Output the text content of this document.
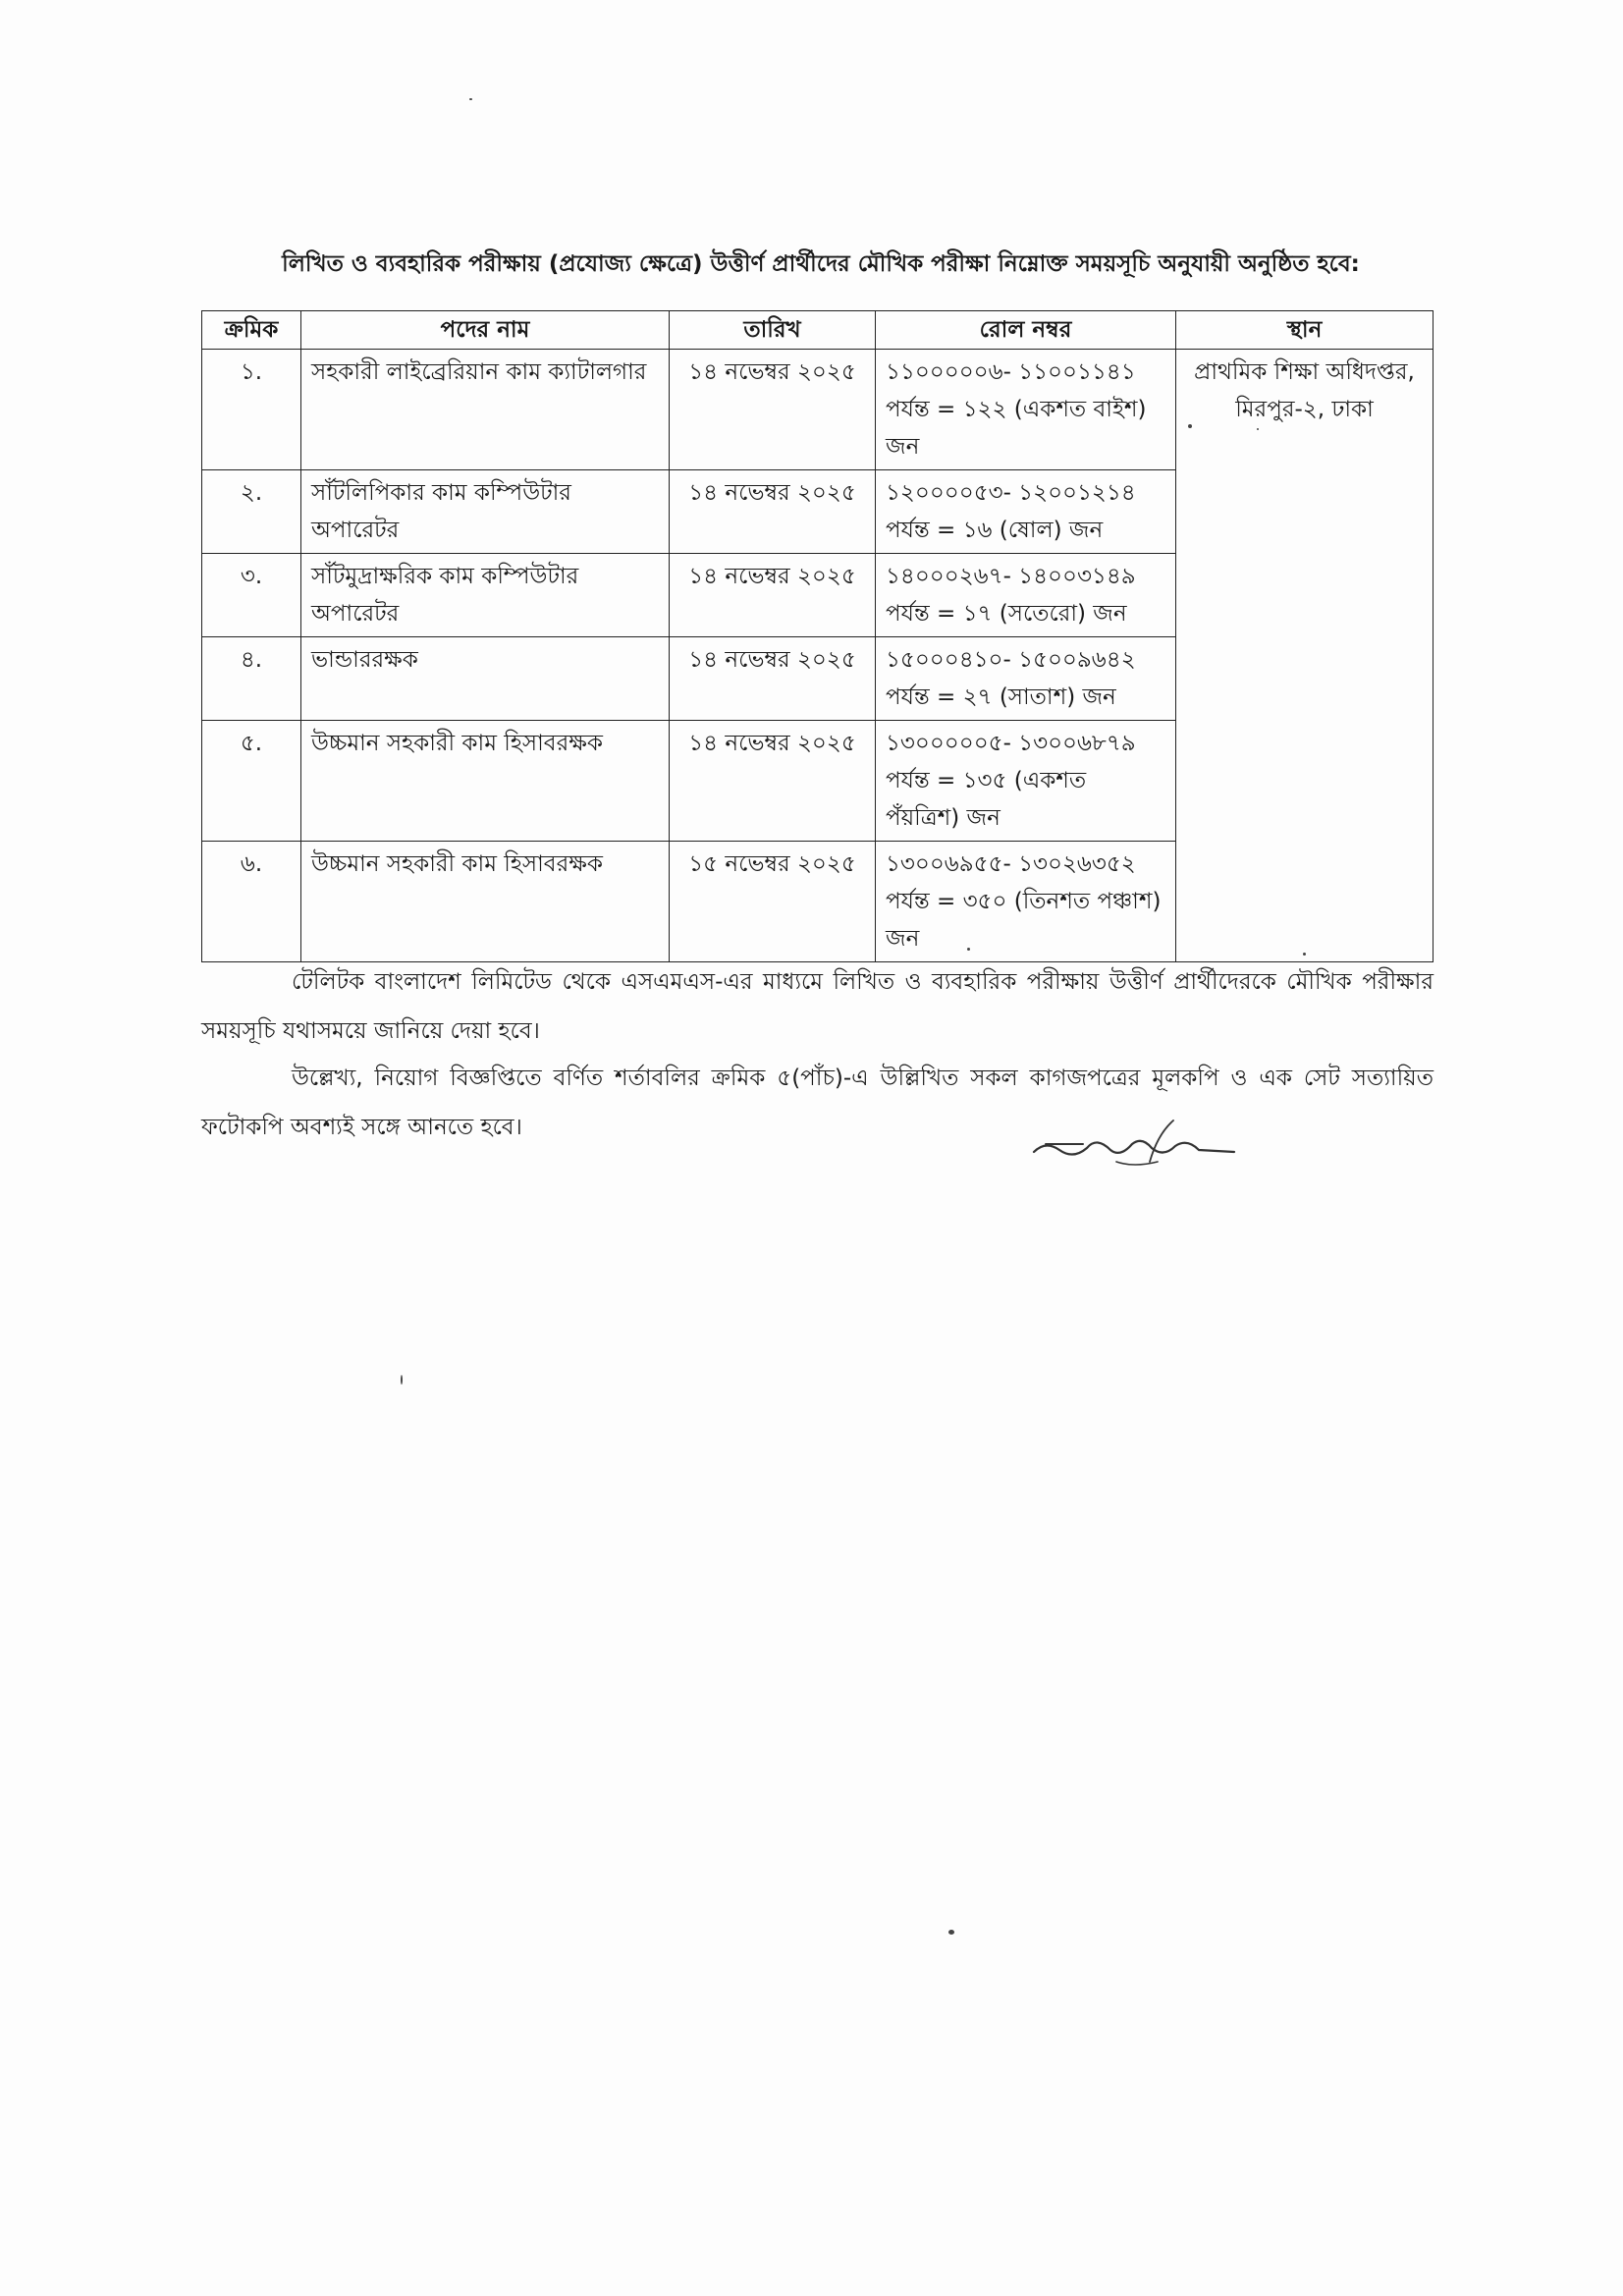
লিখিত ও ব্যবহারিক পরীক্ষায় (প্রযোজ্য ক্ষেত্রে) উত্তীর্ণ প্রার্থীদের মৌখিক পরীক্ষা নিম্নোক্ত সময়সূচি অনুযায়ী অনুষ্ঠিত হবে:
ক্রমিক	পদের নাম	তারিখ	রোল নম্বর	স্থান
১.	সহকারী লাইব্রেরিয়ান কাম ক্যাটালগার	১৪ নভেম্বর ২০২৫	১১০০০০০৬- ১১০০১১৪১ পর্যন্ত = ১২২ (একশত বাইশ) জন	প্রাথমিক শিক্ষা অধিদপ্তর, মিরপুর-২, ঢাকা
২.	সাঁটলিপিকার কাম কম্পিউটার অপারেটর	১৪ নভেম্বর ২০২৫	১২০০০০৫৩- ১২০০১২১৪ পর্যন্ত = ১৬ (ষোল) জন	
৩.	সাঁটমুদ্রাক্ষরিক কাম কম্পিউটার অপারেটর	১৪ নভেম্বর ২০২৫	১৪০০০২৬৭- ১৪০০৩১৪৯ পর্যন্ত = ১৭ (সতেরো) জন	
৪.	ভান্ডাররক্ষক	১৪ নভেম্বর ২০২৫	১৫০০০৪১০- ১৫০০৯৬৪২ পর্যন্ত = ২৭ (সাতাশ) জন	
৫.	উচ্চমান সহকারী কাম হিসাবরক্ষক	১৪ নভেম্বর ২০২৫	১৩০০০০০৫- ১৩০০৬৮৭৯ পর্যন্ত = ১৩৫ (একশত পঁয়ত্রিশ) জন	
৬.	উচ্চমান সহকারী কাম হিসাবরক্ষক	১৫ নভেম্বর ২০২৫	১৩০০৬৯৫৫- ১৩০২৬৩৫২ পর্যন্ত = ৩৫০ (তিনশত পঞ্চাশ) জন	
টেলিটক বাংলাদেশ লিমিটেড থেকে এসএমএস-এর মাধ্যমে লিখিত ও ব্যবহারিক পরীক্ষায় উত্তীর্ণ প্রার্থীদেরকে মৌখিক পরীক্ষার সময়সূচি যথাসময়ে জানিয়ে দেয়া হবে।
উল্লেখ্য, নিয়োগ বিজ্ঞপ্তিতে বর্ণিত শর্তাবলির ক্রমিক ৫(পাঁচ)-এ উল্লিখিত সকল কাগজপত্রের মূলকপি ও এক সেট সত্যায়িত ফটোকপি অবশ্যই সঙ্গে আনতে হবে।
